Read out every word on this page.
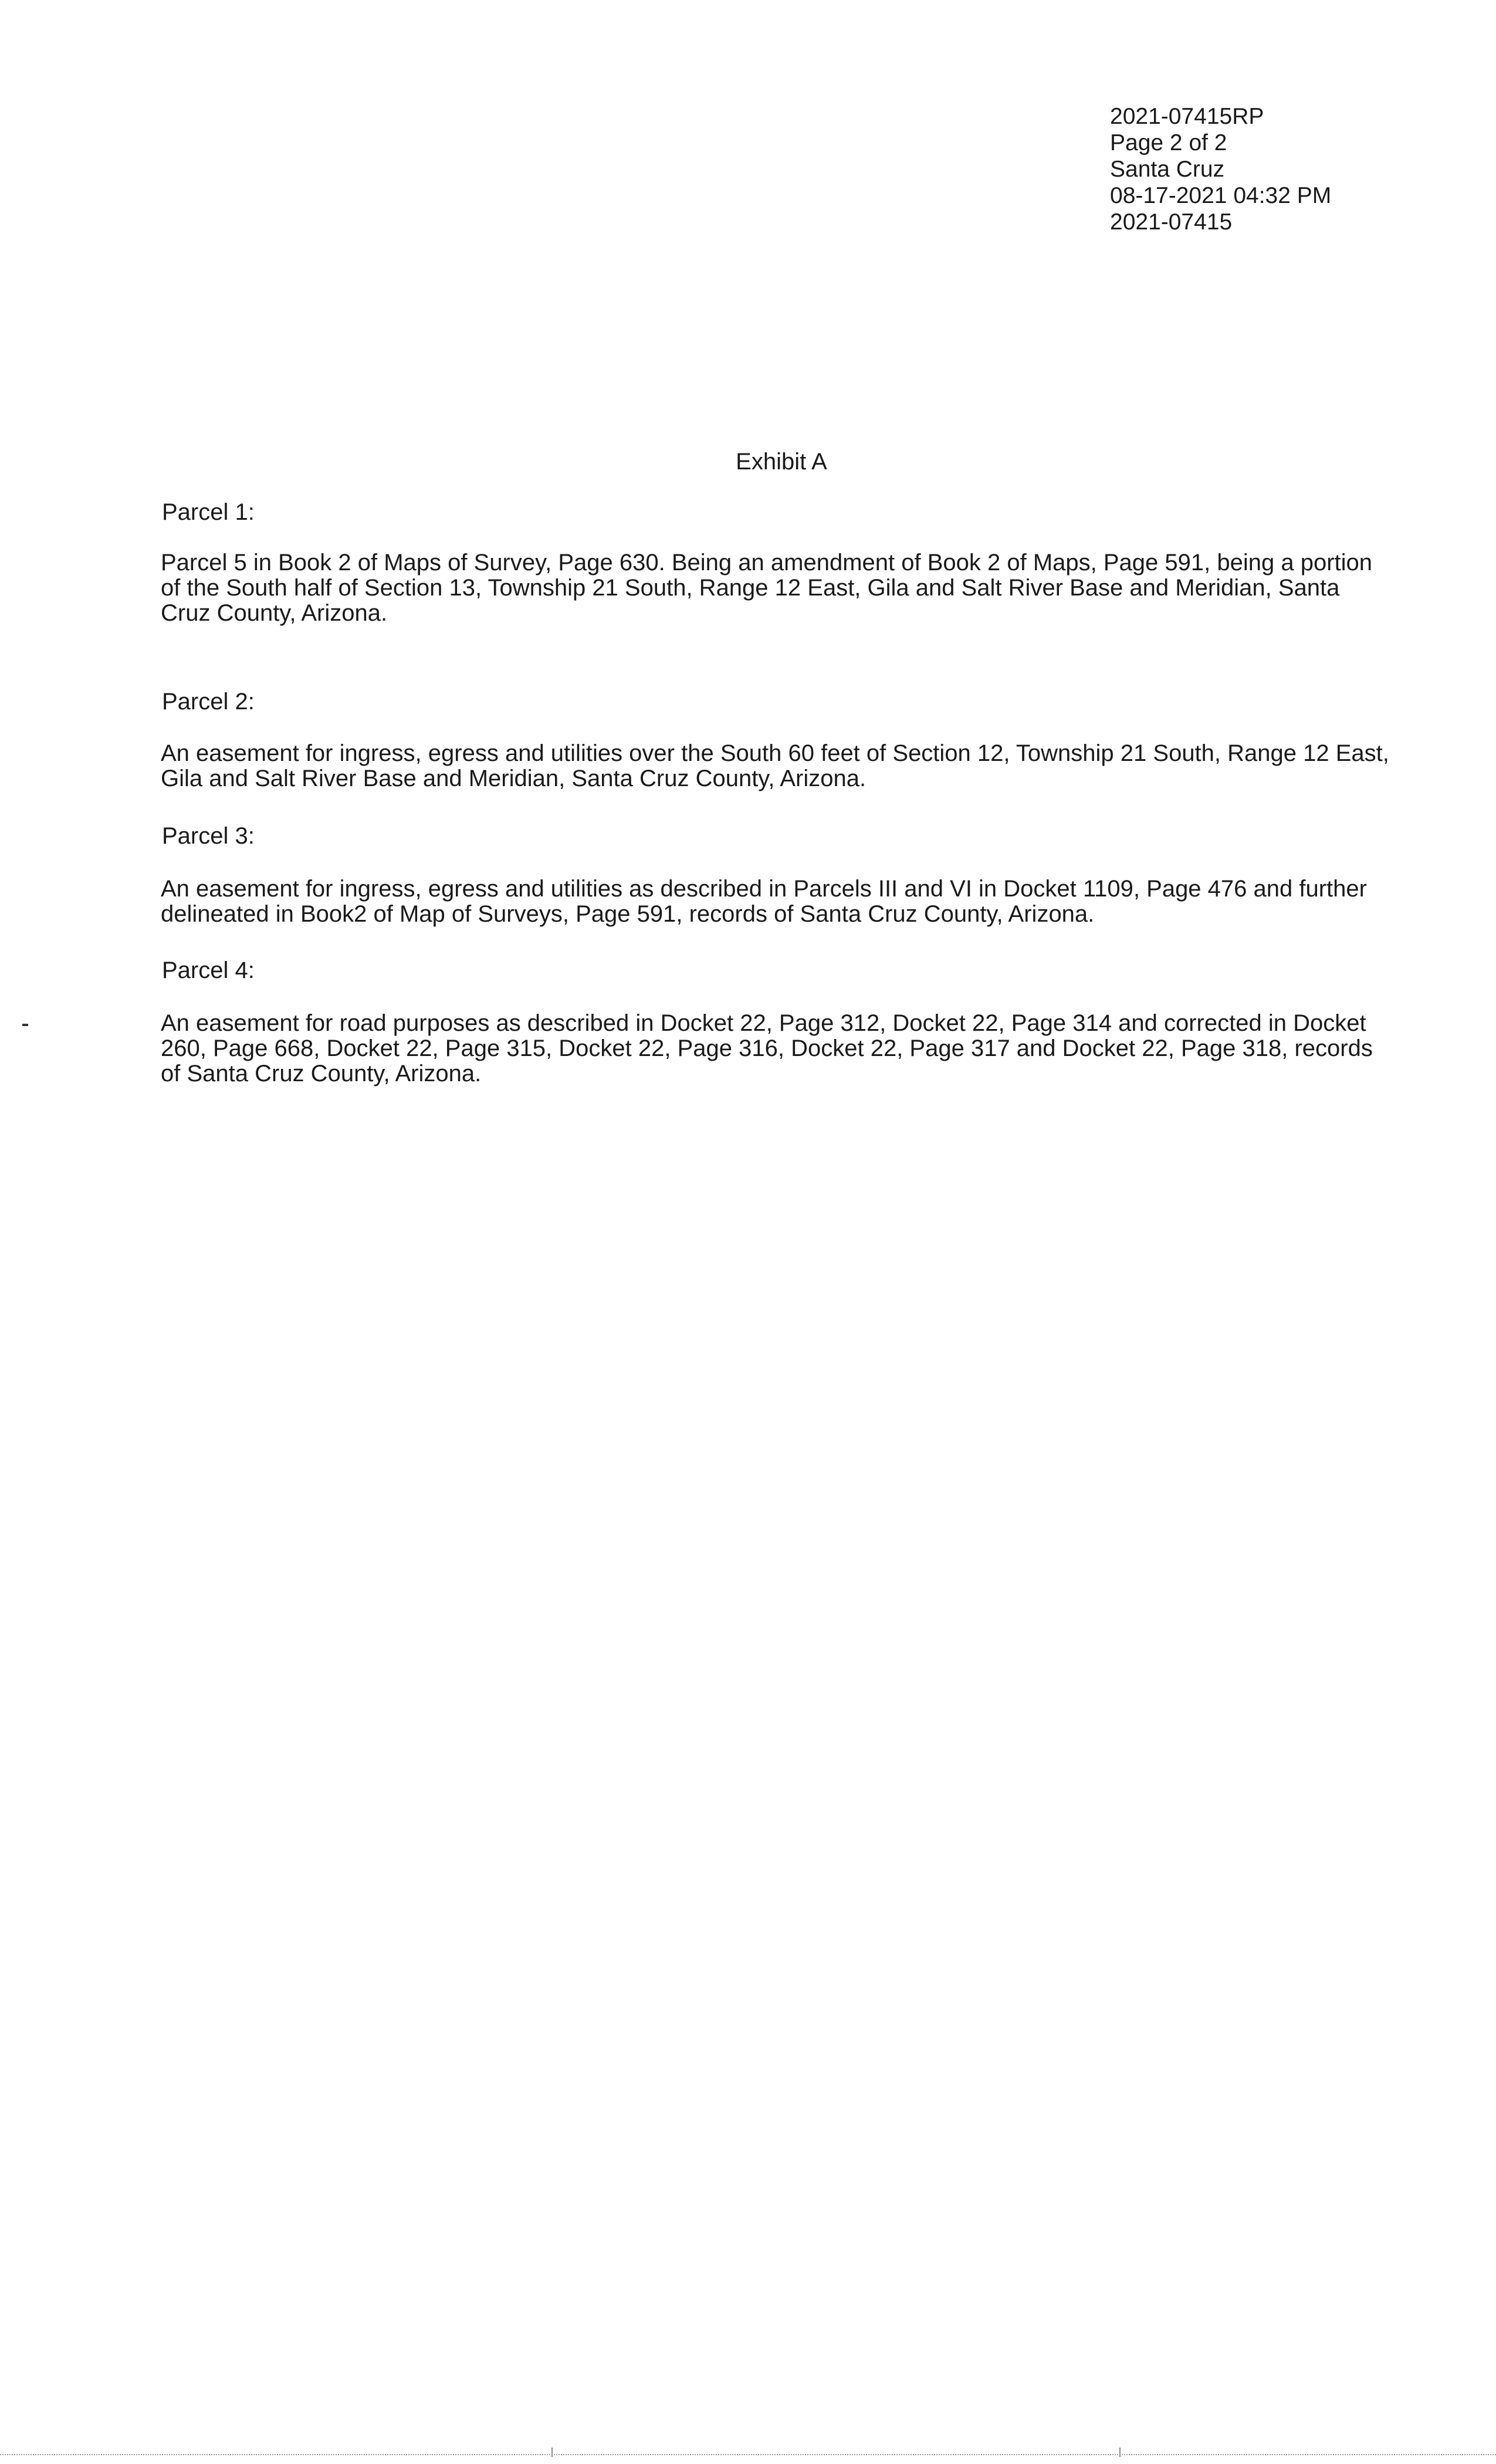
2021-07415RP
Page 2 of 2
Santa Cruz
08-17-2021 04:32 PM
2021-07415
Exhibit A
Parcel 1:

Parcel 5 in Book 2 of Maps of Survey, Page 630. Being an amendment of Book 2 of Maps, Page 591, being a portion

of the South half of Section 13, Township 21 South, Range 12 East, Gila and Salt River Base and Meridian, Santa

Cruz County, Arizona.

Parcel 2:

An easement for ingress, egress and utilities over the South 60 feet of Section 12, Township 21 South, Range 12 East,

Gila and Salt River Base and Meridian, Santa Cruz County, Arizona.

Parcel 3:

An easement for ingress, egress and utilities as described in Parcels III and VI in Docket 1109, Page 476 and further

delineated in Book2 of Map of Surveys, Page 591, records of Santa Cruz County, Arizona.

Parcel 4:

An easement for road purposes as described in Docket 22, Page 312, Docket 22, Page 314 and corrected in Docket

260, Page 668, Docket 22, Page 315, Docket 22, Page 316, Docket 22, Page 317 and Docket 22, Page 318, records

of Santa Cruz County, Arizona.
